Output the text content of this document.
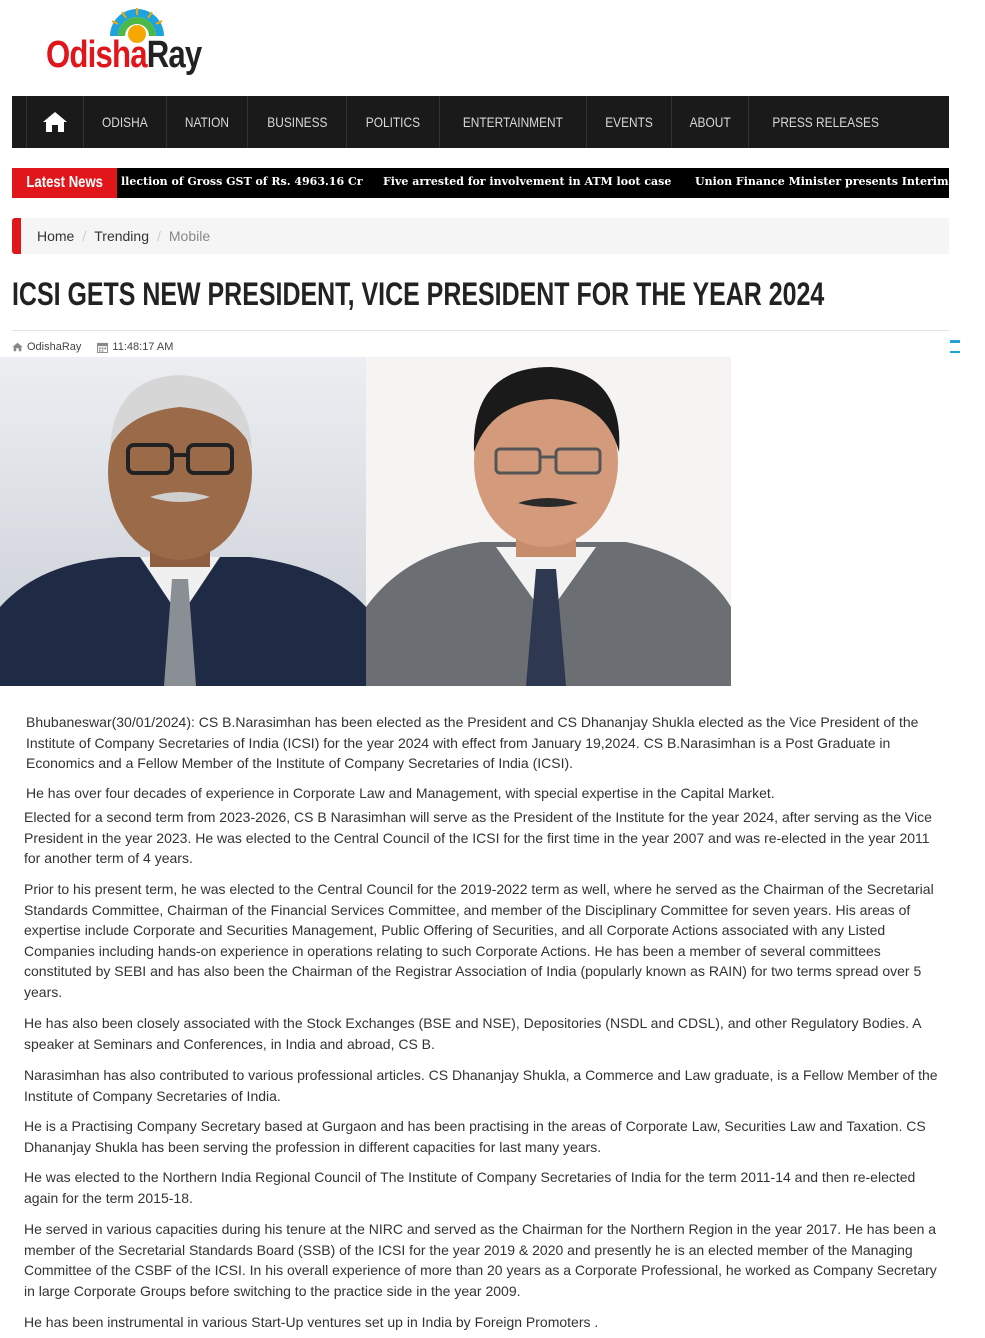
OdishaRay
ODISHA	NATION	BUSINESS	POLITICS	ENTERTAINMENT	EVENTS	ABOUT	PRESS RELEASES
Latest News llection of Gross GST of Rs. 4963.16 Cr Five arrested for involvement in ATM loot case Union Finance Minister presents Interim Budg
Home / Trending / Mobile
ICSI GETS NEW PRESIDENT, VICE PRESIDENT FOR THE YEAR 2024
OdishaRay	11:48:17 AM

Bhubaneswar(30/01/2024): CS B.Narasimhan has been elected as the President and CS Dhananjay Shukla elected as the Vice President of the Institute of Company Secretaries of India (ICSI) for the year 2024 with effect from January 19,2024. CS B.Narasimhan is a Post Graduate in Economics and a Fellow Member of the Institute of Company Secretaries of India (ICSI).

He has over four decades of experience in Corporate Law and Management, with special expertise in the Capital Market.

Elected for a second term from 2023-2026, CS B Narasimhan will serve as the President of the Institute for the year 2024, after serving as the Vice President in the year 2023. He was elected to the Central Council of the ICSI for the first time in the year 2007 and was re-elected in the year 2011 for another term of 4 years.

Prior to his present term, he was elected to the Central Council for the 2019-2022 term as well, where he served as the Chairman of the Secretarial Standards Committee, Chairman of the Financial Services Committee, and member of the Disciplinary Committee for seven years. His areas of expertise include Corporate and Securities Management, Public Offering of Securities, and all Corporate Actions associated with any Listed Companies including hands-on experience in operations relating to such Corporate Actions. He has been a member of several committees constituted by SEBI and has also been the Chairman of the Registrar Association of India (popularly known as RAIN) for two terms spread over 5 years.

He has also been closely associated with the Stock Exchanges (BSE and NSE), Depositories (NSDL and CDSL), and other Regulatory Bodies. A speaker at Seminars and Conferences, in India and abroad, CS B.

Narasimhan has also contributed to various professional articles. CS Dhananjay Shukla, a Commerce and Law graduate, is a Fellow Member of the Institute of Company Secretaries of India.

He is a Practising Company Secretary based at Gurgaon and has been practising in the areas of Corporate Law, Securities Law and Taxation. CS Dhananjay Shukla has been serving the profession in different capacities for last many years.

He was elected to the Northern India Regional Council of The Institute of Company Secretaries of India for the term 2011-14 and then re-elected again for the term 2015-18.

He served in various capacities during his tenure at the NIRC and served as the Chairman for the Northern Region in the year 2017. He has been a member of the Secretarial Standards Board (SSB) of the ICSI for the year 2019 & 2020 and presently he is an elected member of the Managing Committee of the CSBF of the ICSI. In his overall experience of more than 20 years as a Corporate Professional, he worked as Company Secretary in large Corporate Groups before switching to the practice side in the year 2009.

He has been instrumental in various Start-Up ventures set up in India by Foreign Promoters .
